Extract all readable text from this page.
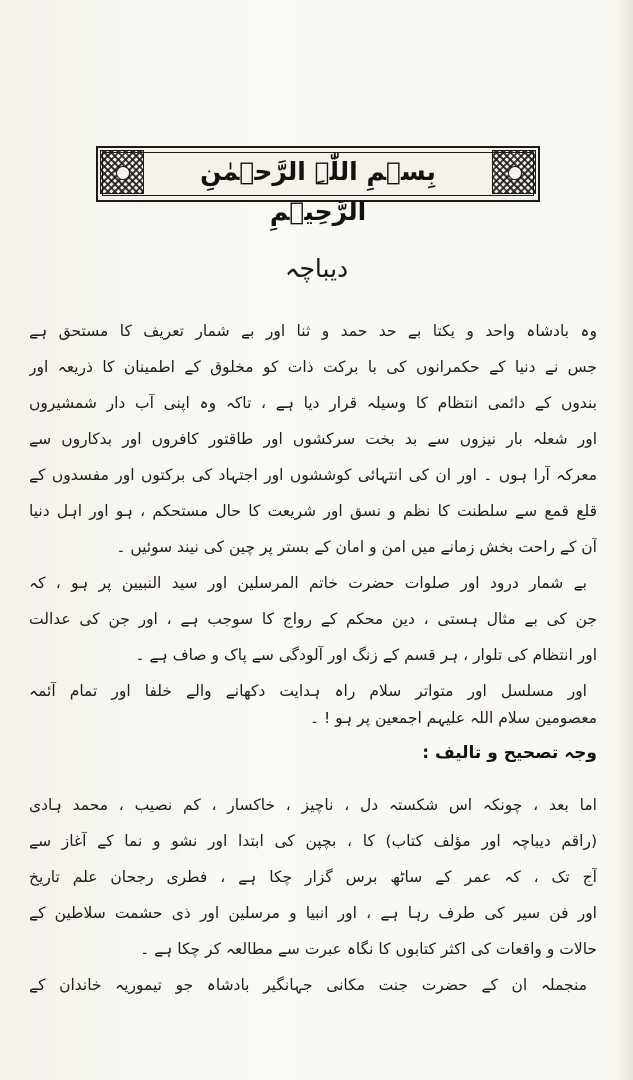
بِسۡمِ اللّٰہِ الرَّحۡمٰنِ الرَّحِیۡمِ
دیباچہ
وہ بادشاہ واحد و یکتا بے حد حمد و ثنا اور بے شمار تعریف کا مستحق ہے
جس نے دنیا کے حکمرانوں کی با برکت ذات کو مخلوق کے اطمینان کا ذریعہ اور
بندوں کے دائمی انتظام کا وسیلہ قرار دیا ہے ، تاکہ وہ اپنی آب دار شمشیروں
اور شعلہ بار نیزوں سے بد بخت سرکشوں اور طاقتور کافروں اور بدکاروں سے
معرکہ آرا ہوں ۔ اور ان کی انتہائی کوششوں اور اجتہاد کی برکتوں اور مفسدوں کے
قلع قمع سے سلطنت کا نظم و نسق اور شریعت کا حال مستحکم ، ہو اور اہل دنیا
آن کے راحت بخش زمانے میں امن و امان کے بستر پر چین کی نیند سوئیں ۔
بے شمار درود اور صلوات حضرت خاتم المرسلین اور سید النبیین پر ہو ، کہ
جن کی بے مثال ہستی ، دین محکم کے رواج کا سوجب ہے ، اور جن کی عدالت
اور انتظام کی تلوار ، ہر قسم کے زنگ اور آلودگی سے پاک و صاف ہے ۔
اور مسلسل اور متواتر سلام راہ ہدایت دکھانے والے خلفا اور تمام آئمہ
معصومین سلام اللہ علیہم اجمعین پر ہو ! ۔
وجہ تصحیح و تالیف :
اما بعد ، چونکہ اس شکستہ دل ، ناچیز ، خاکسار ، کم نصیب ، محمد ہادی
(راقم دیباچہ اور مؤلف کتاب) کا ، بچپن کی ابتدا اور نشو و نما کے آغاز سے
آج تک ، کہ عمر کے ساٹھ برس گزار چکا ہے ، فطری رجحان علم تاریخ
اور فن سیر کی طرف رہا ہے ، اور انبیا و مرسلین اور ذی حشمت سلاطین کے
حالات و واقعات کی اکثر کتابوں کا نگاہ عبرت سے مطالعہ کر چکا ہے ۔
منجملہ ان کے حضرت جنت مکانی جہانگیر بادشاہ جو تیموریہ خاندان کے
